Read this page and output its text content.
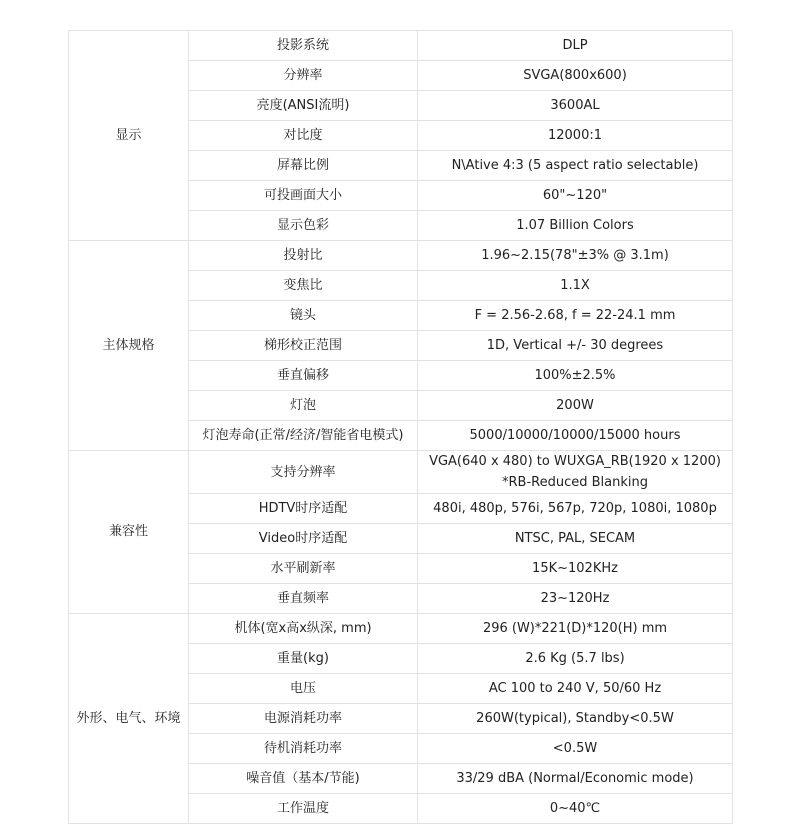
显示	投影系统	DLP
	分辨率	SVGA(800x600)
	亮度(ANSI流明)	3600AL
	对比度	12000:1
	屏幕比例	N\Ative 4:3 (5 aspect ratio selectable)
	可投画面大小	60"~120"
	显示色彩	1.07 Billion Colors
主体规格	投射比	1.96~2.15(78"±3% @ 3.1m)
	变焦比	1.1X
	镜头	F = 2.56-2.68, f = 22-24.1 mm
	梯形校正范围	1D, Vertical +/- 30 degrees
	垂直偏移	100%±2.5%
	灯泡	200W
	灯泡寿命(正常/经济/智能省电模式)	5000/10000/10000/15000 hours
兼容性	支持分辨率	VGA(640 x 480) to WUXGA_RB(1920 x 1200)
*RB-Reduced Blanking

	HDTV时序适配	480i, 480p, 576i, 567p, 720p, 1080i, 1080p
	Video时序适配	NTSC, PAL, SECAM
	水平刷新率	15K~102KHz
	垂直频率	23~120Hz
外形、电气、环境	机体(宽x高x纵深, mm)	296 (W)*221(D)*120(H) mm
	重量(kg)	2.6 Kg (5.7 lbs)
	电压	AC 100 to 240 V, 50/60 Hz
	电源消耗功率	260W(typical), Standby<0.5W
	待机消耗功率	<0.5W
	噪音值（基本/节能)	33/29 dBA (Normal/Economic mode)
	工作温度	0~40℃
